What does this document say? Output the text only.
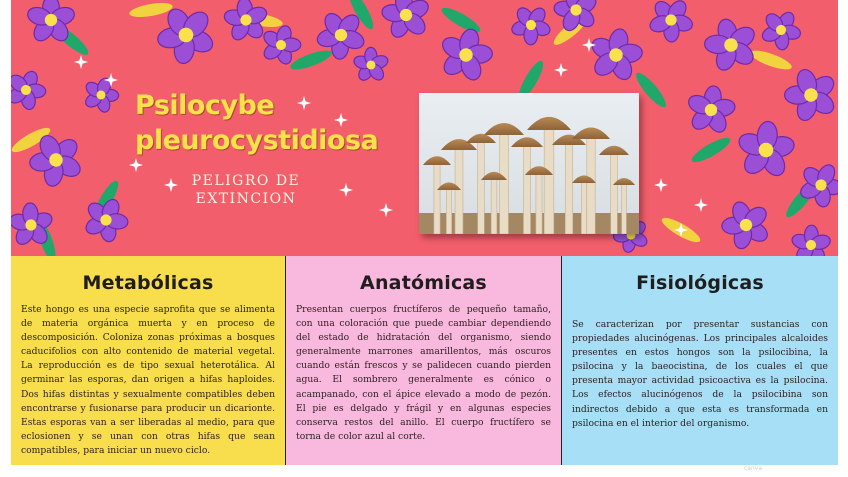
Psilocybe pleurocystidiosa
PELIGRO DE EXTINCION
Metabólicas

Este hongo es una especie saprofita que se alimenta de materia orgánica muerta y en proceso de descomposición. Coloniza zonas próximas a bosques caducifolios con alto contenido de material vegetal. La reproducción es de tipo sexual heterotálica. Al germinar las esporas, dan origen a hifas haploides. Dos hifas distintas y sexualmente compatibles deben encontrarse y fusionarse para producir un dicarionte. Estas esporas van a ser liberadas al medio, para que eclosionen y se unan con otras hifas que sean compatibles, para iniciar un nuevo ciclo.

Anatómicas

Presentan cuerpos fructíferos de pequeño tamaño, con una coloración que puede cambiar dependiendo del estado de hidratación del organismo, siendo generalmente marrones amarillentos, más oscuros cuando están frescos y se palidecen cuando pierden agua. El sombrero generalmente es cónico o acampanado, con el ápice elevado a modo de pezón. El pie es delgado y frágil y en algunas especies conserva restos del anillo. El cuerpo fructífero se torna de color azul al corte.

Fisiológicas

Se caracterizan por presentar sustancias con propiedades alucinógenas. Los principales alcaloides presentes en estos hongos son la psilocibina, la psilocina y la baeocistina, de los cuales el que presenta mayor actividad psicoactiva es la psilocina. Los efectos alucinógenos de la psilocibina son indirectos debido a que esta es transformada en psilocina en el interior del organismo.

canva
